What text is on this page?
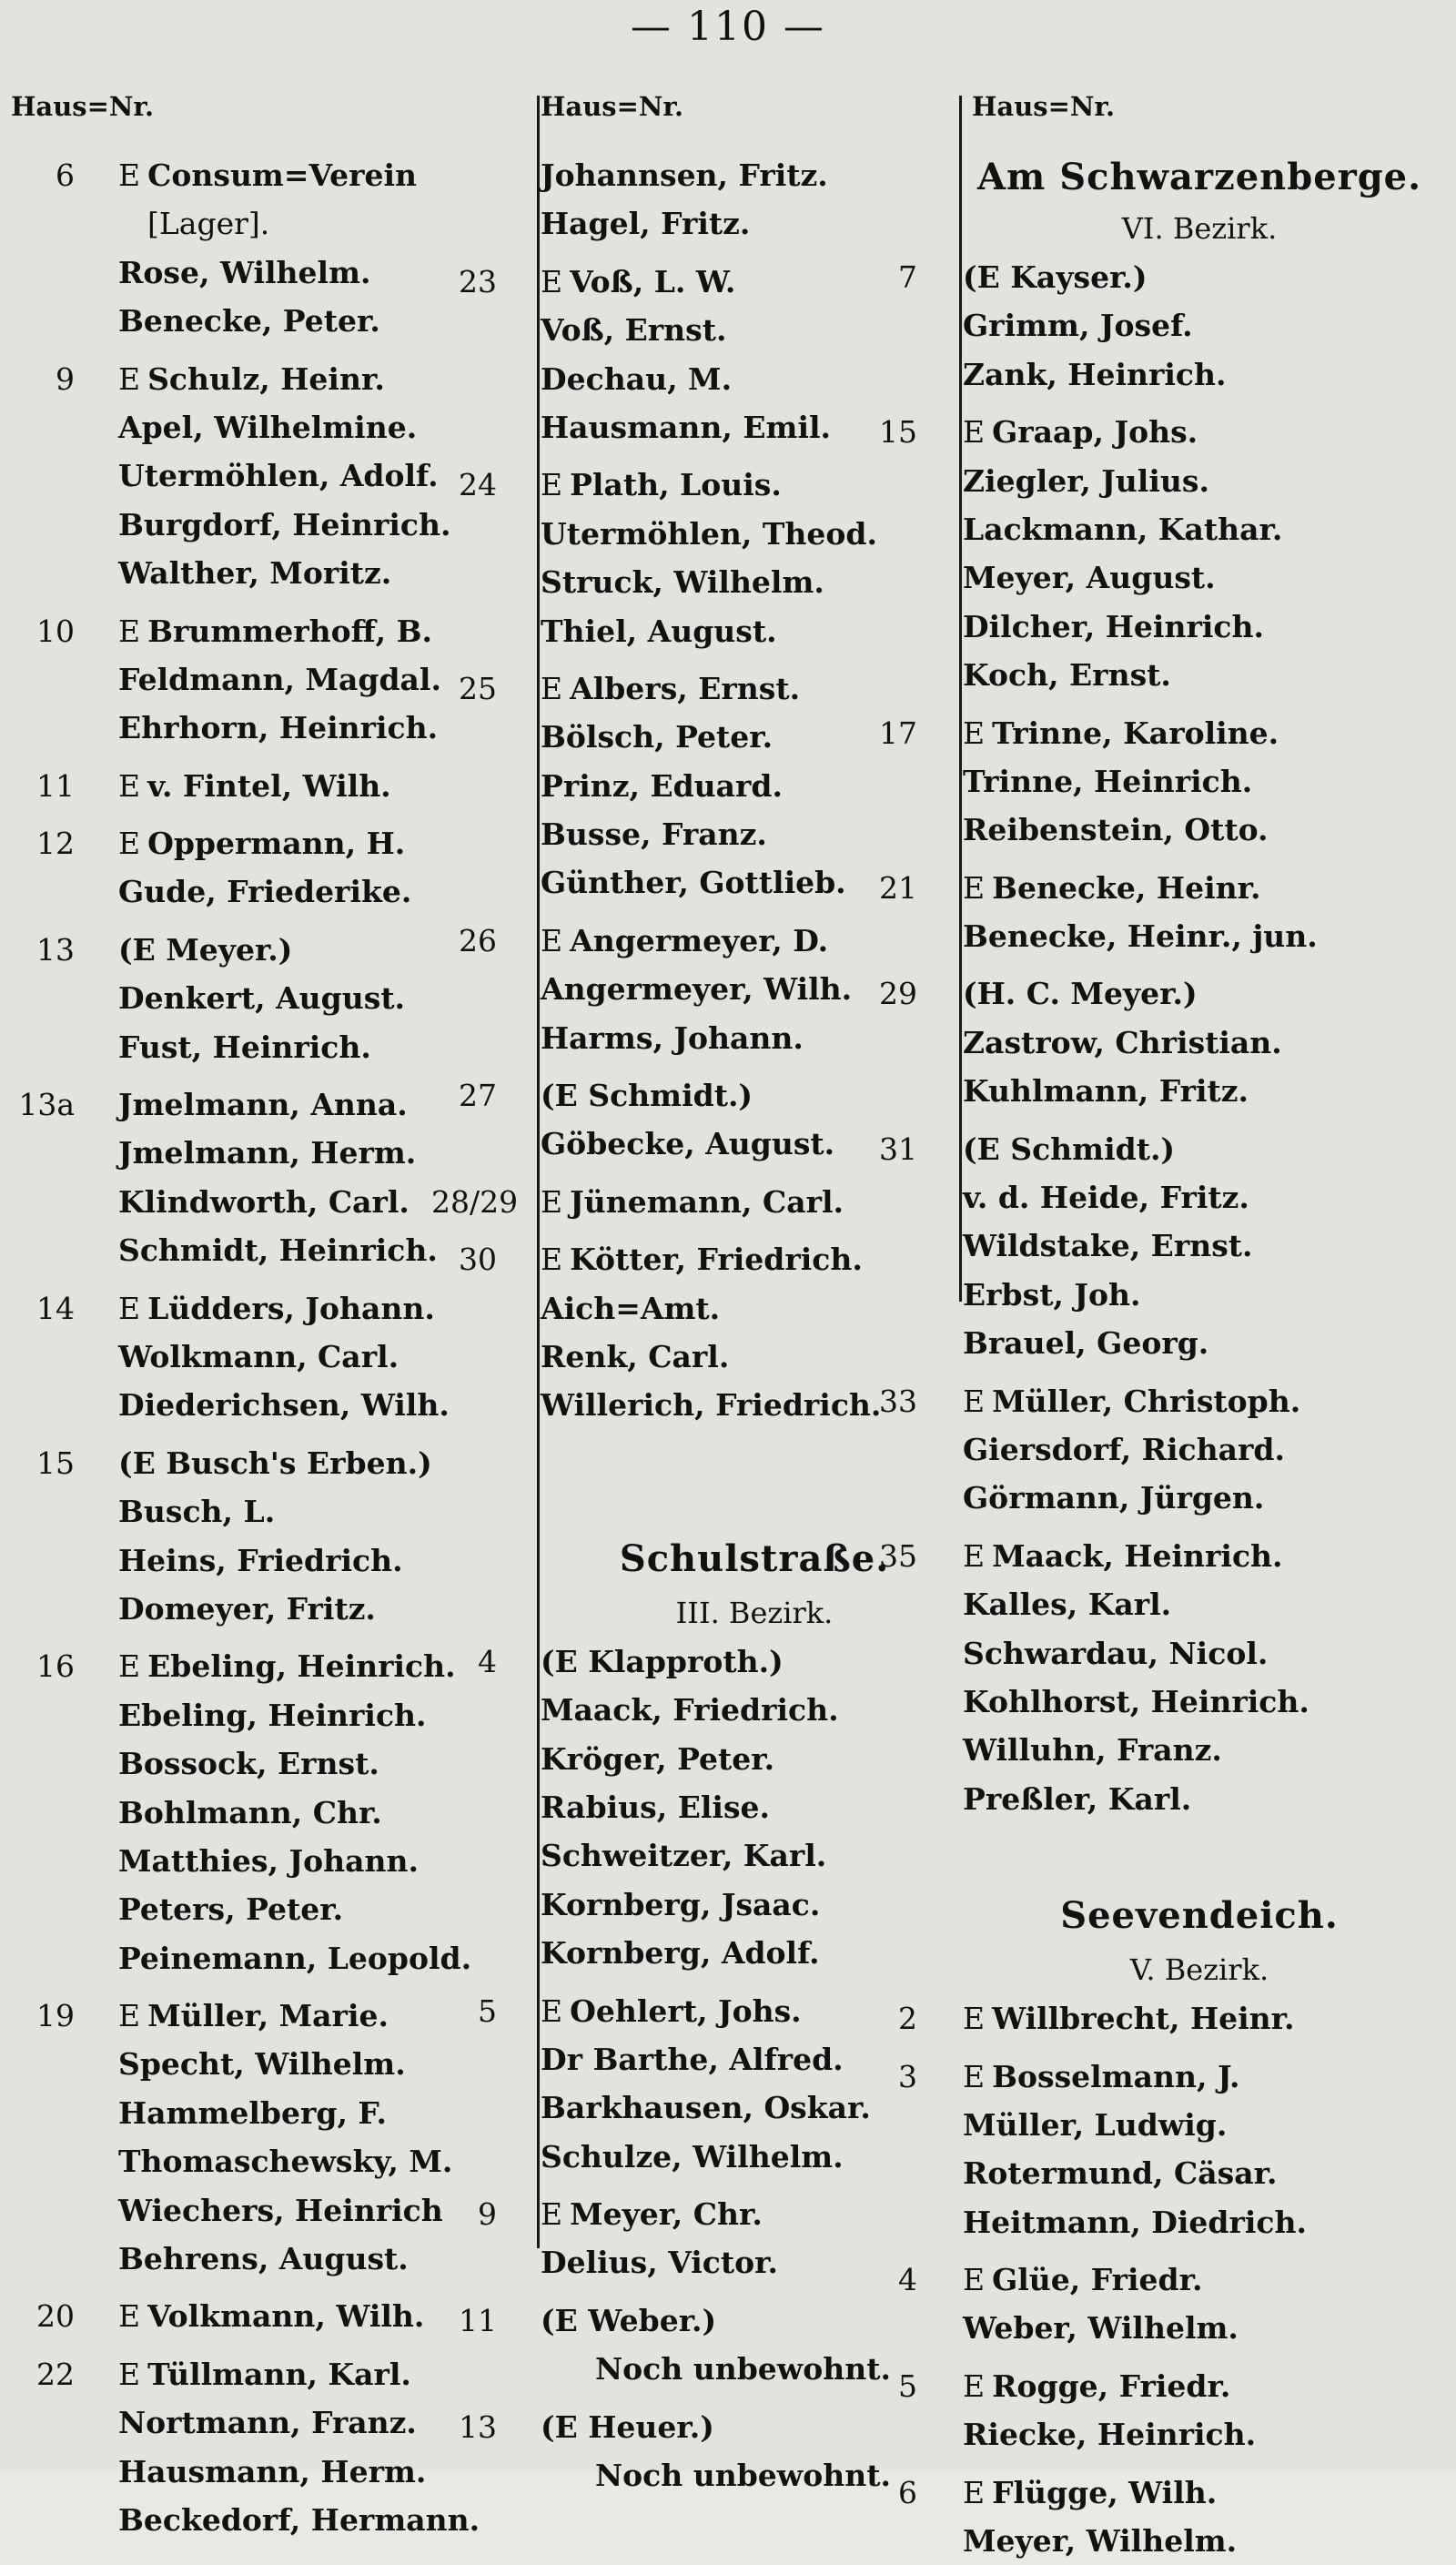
— 110 —
Haus=Nr.
6 E Consum=Verein
[Lager].
Rose, Wilhelm.
Benecke, Peter.
9 E Schulz, Heinr.
Apel, Wilhelmine.
Utermöhlen, Adolf.
Burgdorf, Heinrich.
Walther, Moritz.
10 E Brummerhoff, B.
Feldmann, Magdal.
Ehrhorn, Heinrich.
11 E v. Fintel, Wilh.
12 E Oppermann, H.
Gude, Friederike.
13 (E Meyer.)
Denkert, August.
Fust, Heinrich.
13a Jmelmann, Anna.
Jmelmann, Herm.
Klindworth, Carl.
Schmidt, Heinrich.
14 E Lüdders, Johann.
Wolkmann, Carl.
Diederichsen, Wilh.
15 (E Busch's Erben.)
Busch, L.
Heins, Friedrich.
Domeyer, Fritz.
16 E Ebeling, Heinrich.
Ebeling, Heinrich.
Bossock, Ernst.
Bohlmann, Chr.
Matthies, Johann.
Peters, Peter.
Peinemann, Leopold.
19 E Müller, Marie.
Specht, Wilhelm.
Hammelberg, F.
Thomaschewsky, M.
Wiechers, Heinrich
Behrens, August.
20 E Volkmann, Wilh.
22 E Tüllmann, Karl.
Nortmann, Franz.
Hausmann, Herm.
Beckedorf, Hermann.
Haus=Nr.
Johannsen, Fritz.
Hagel, Fritz.
23 E Voß, L. W.
Voß, Ernst.
Dechau, M.
Hausmann, Emil.
24 E Plath, Louis.
Utermöhlen, Theod.
Struck, Wilhelm.
Thiel, August.
25 E Albers, Ernst.
Bölsch, Peter.
Prinz, Eduard.
Busse, Franz.
Günther, Gottlieb.
26 E Angermeyer, D.
Angermeyer, Wilh.
Harms, Johann.
27 (E Schmidt.)
Göbecke, August.
28/29 E Jünemann, Carl.
30 E Kötter, Friedrich.
Aich=Amt.
Renk, Carl.
Willerich, Friedrich.
Schulstraße.
III. Bezirk.
4 (E Klapproth.)
Maack, Friedrich.
Kröger, Peter.
Rabius, Elise.
Schweitzer, Karl.
Kornberg, Jsaac.
Kornberg, Adolf.
5 E Oehlert, Johs.
Dr Barthe, Alfred.
Barkhausen, Oskar.
Schulze, Wilhelm.
9 E Meyer, Chr.
Delius, Victor.
11 (E Weber.)
Noch unbewohnt.
13 (E Heuer.)
Noch unbewohnt.
Haus=Nr.
Am Schwarzenberge.
VI. Bezirk.
7 (E Kayser.)
Grimm, Josef.
Zank, Heinrich.
15 E Graap, Johs.
Ziegler, Julius.
Lackmann, Kathar.
Meyer, August.
Dilcher, Heinrich.
Koch, Ernst.
17 E Trinne, Karoline.
Trinne, Heinrich.
Reibenstein, Otto.
21 E Benecke, Heinr.
Benecke, Heinr., jun.
29 (H. C. Meyer.)
Zastrow, Christian.
Kuhlmann, Fritz.
31 (E Schmidt.)
v. d. Heide, Fritz.
Wildstake, Ernst.
Erbst, Joh.
Brauel, Georg.
33 E Müller, Christoph.
Giersdorf, Richard.
Görmann, Jürgen.
35 E Maack, Heinrich.
Kalles, Karl.
Schwardau, Nicol.
Kohlhorst, Heinrich.
Willuhn, Franz.
Preßler, Karl.
Seevendeich.
V. Bezirk.
2 E Willbrecht, Heinr.
3 E Bosselmann, J.
Müller, Ludwig.
Rotermund, Cäsar.
Heitmann, Diedrich.
4 E Glüe, Friedr.
Weber, Wilhelm.
5 E Rogge, Friedr.
Riecke, Heinrich.
6 E Flügge, Wilh.
Meyer, Wilhelm.
